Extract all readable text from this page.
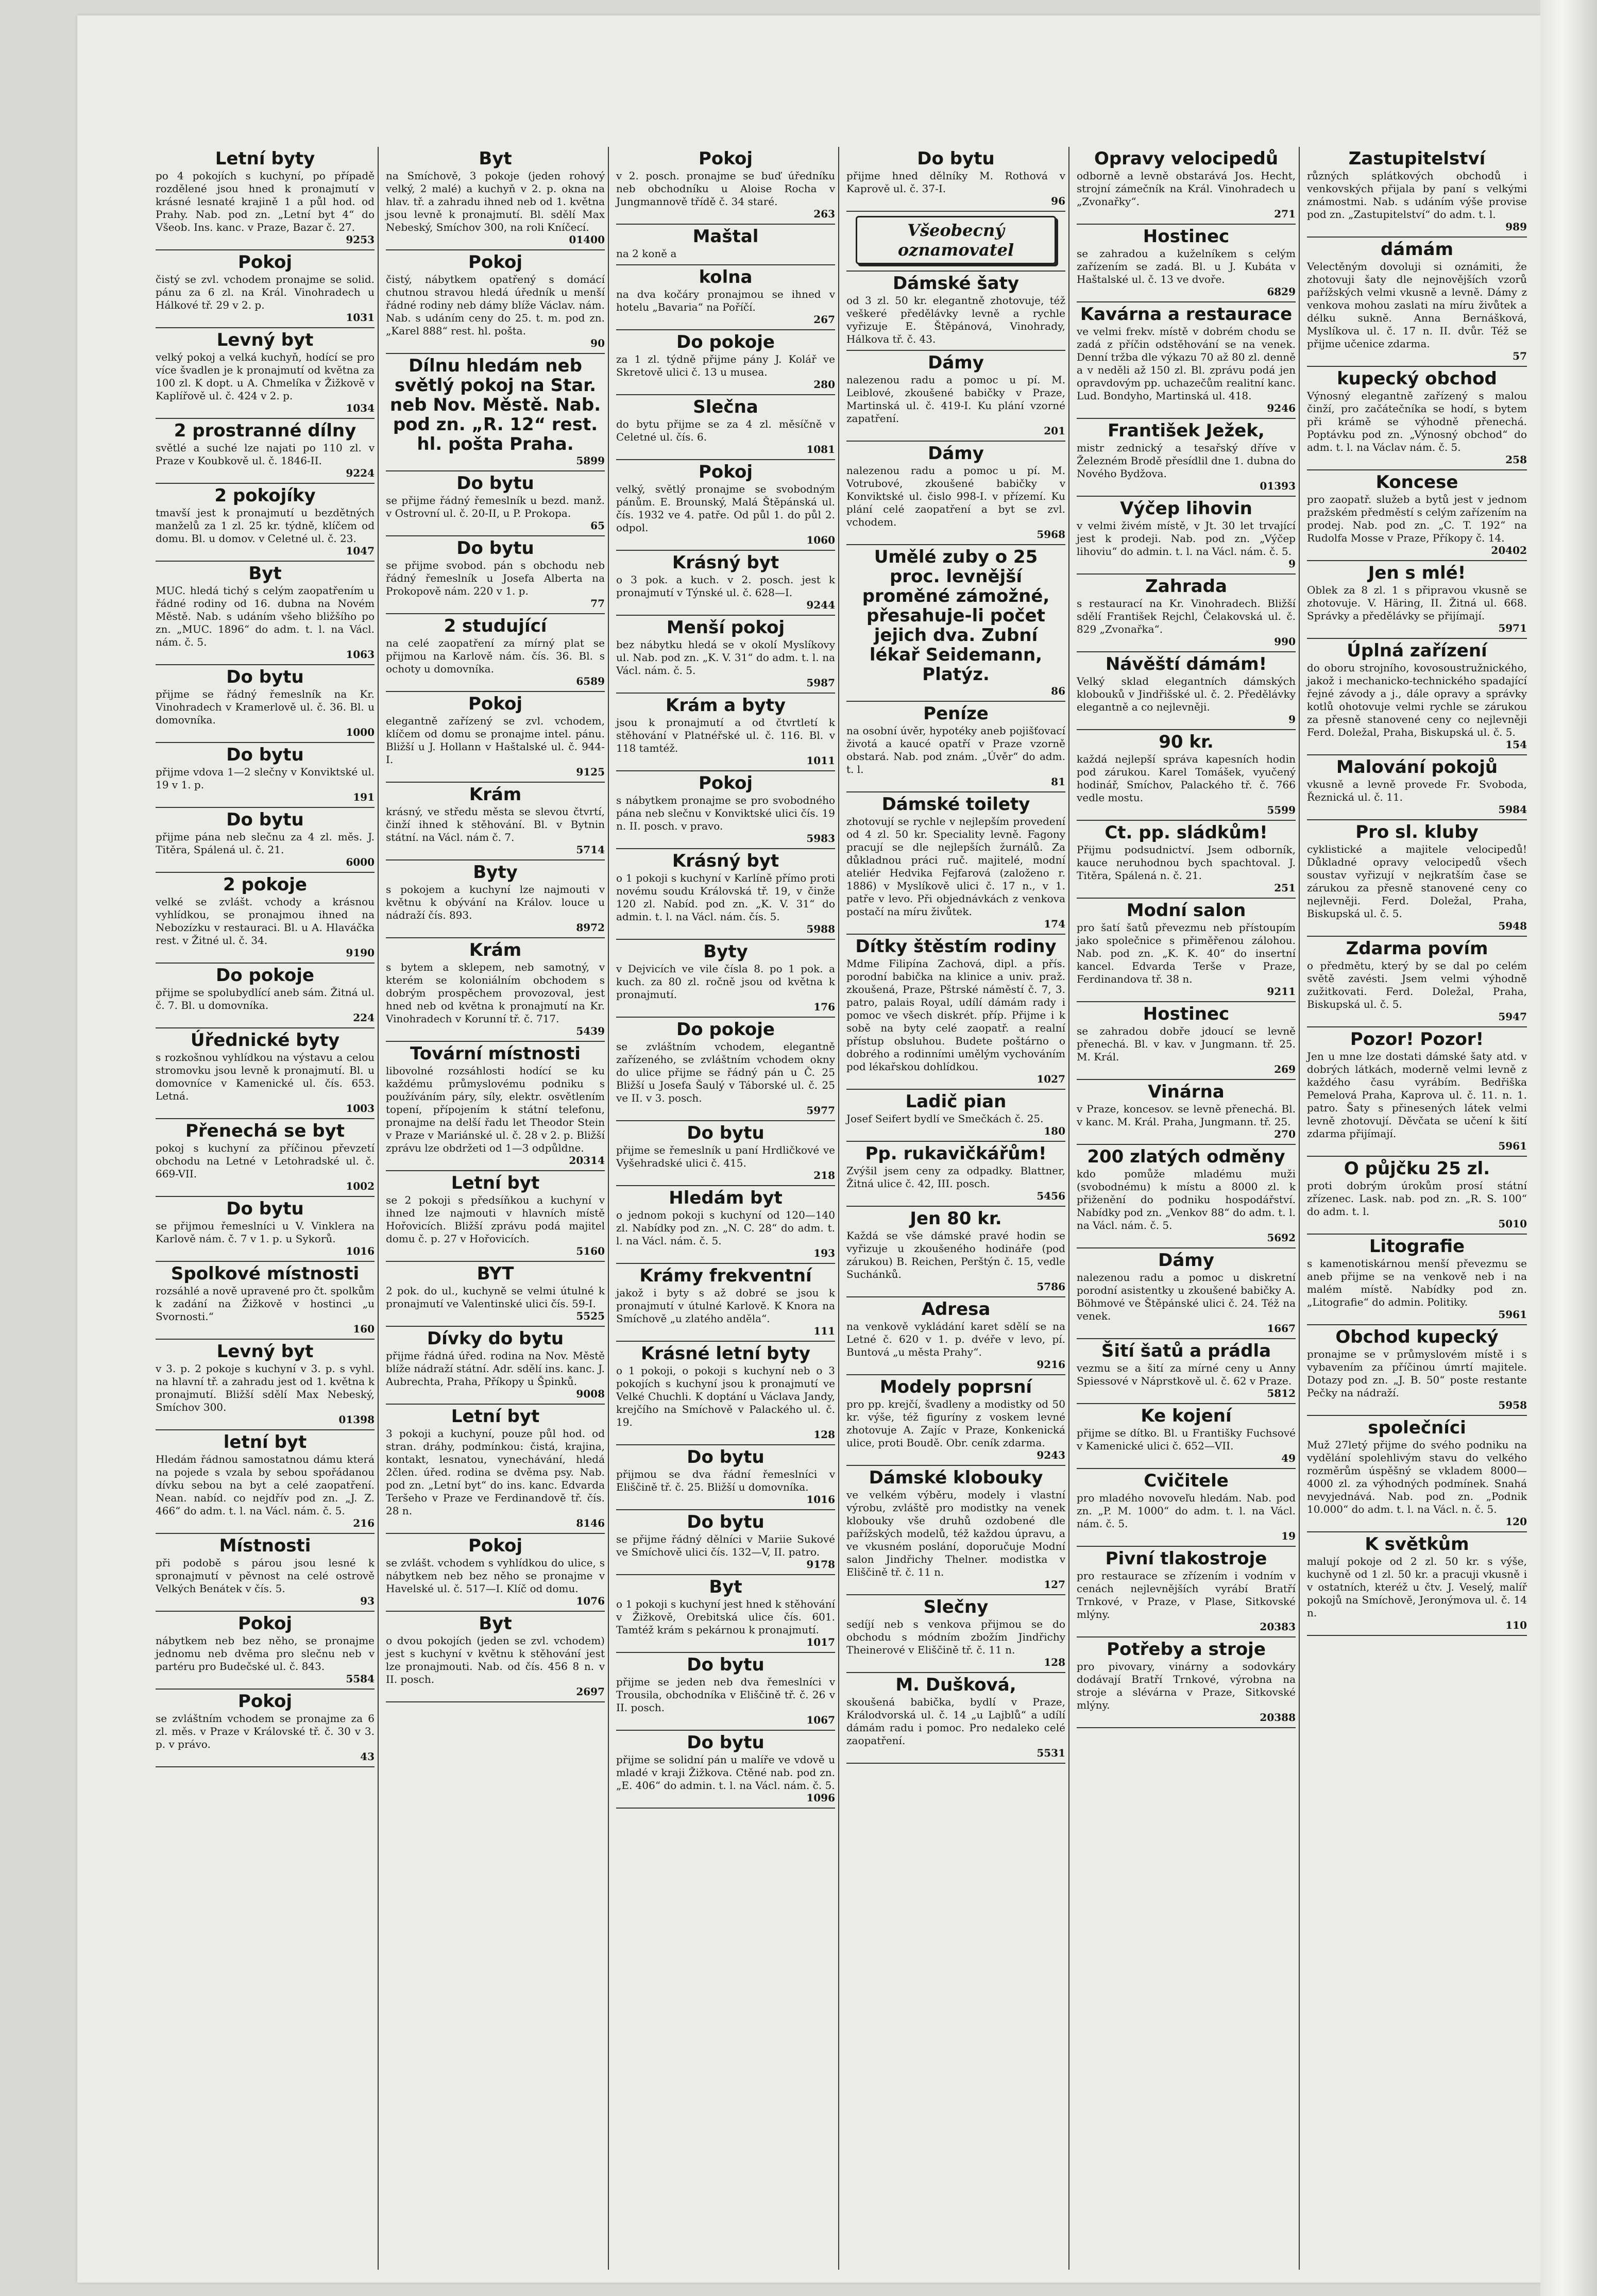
Letní byty

po 4 pokojích s kuchyní, po případě rozdělené jsou hned k pronajmutí v krásné lesnaté krajině 1 a půl hod. od Prahy. Nab. pod zn. „Letní byt 4“ do Všeob. Ins. kanc. v Praze, Bazar č. 27.

9253
Pokoj

čistý se zvl. vchodem pronajme se solid. pánu za 6 zl. na Král. Vinohradech u Hálkové tř. 29 v 2. p.

1031
Levný byt

velký pokoj a velká kuchyň, hodící se pro více švadlen je k pronajmutí od května za 100 zl. K dopt. u A. Chmelíka v Žižkově v Kaplířově ul. č. 424 v 2. p.

1034
2 prostranné dílny

světlé a suché lze najati po 110 zl. v Praze v Koubkově ul. č. 1846-II.

9224
2 pokojíky

tmavší jest k pronajmutí u bezdětných manželů za 1 zl. 25 kr. týdně, klíčem od domu. Bl. u domov. v Celetné ul. č. 23.

1047
Byt

MUC. hledá tichý s celým zaopatřením u řádné rodiny od 16. dubna na Novém Městě. Nab. s udáním všeho bližšího po zn. „MUC. 1896“ do adm. t. l. na Václ. nám. č. 5.

1063
Do bytu

přijme se řádný řemeslník na Kr. Vinohradech v Kramerlově ul. č. 36. Bl. u domovníka.

1000
Do bytu

přijme vdova 1—2 slečny v Konviktské ul. 19 v 1. p.

191
Do bytu

přijme pána neb slečnu za 4 zl. měs. J. Titěra, Spálená ul. č. 21.

6000
2 pokoje

velké se zvlášt. vchody a krásnou vyhlídkou, se pronajmou ihned na Nebozízku v restauraci. Bl. u A. Hlaváčka rest. v Žitné ul. č. 34.

9190
Do pokoje

přijme se spolubydlící aneb sám. Žitná ul. č. 7. Bl. u domovníka.

224
Úřednické byty

s rozkošnou vyhlídkou na výstavu a celou stromovku jsou levně k pronajmutí. Bl. u domovníce v Kamenické ul. čís. 653. Letná.

1003
Přenechá se byt

pokoj s kuchyní za příčinou převzetí obchodu na Letné v Letohradské ul. č. 669-VII.

1002
Do bytu

se přijmou řemeslníci u V. Vinklera na Karlově nám. č. 7 v 1. p. u Sykorů.

1016
Spolkové místnosti

rozsáhlé a nově upravené pro čt. spolkům k zadání na Žižkově v hostinci „u Svornosti.“

160
Levný byt

v 3. p. 2 pokoje s kuchyní v 3. p. s vyhl. na hlavní tř. a zahradu jest od 1. května k pronajmutí. Bližší sdělí Max Nebeský, Smíchov 300.

01398
letní byt

Hledám řádnou samostatnou dámu která na pojede s vzala by sebou spořádanou dívku sebou na byt a celé zaopatření. Nean. nabíd. co nejdřív pod zn. „J. Z. 466“ do adm. t. l. na Václ. nám. č. 5.

216
Místnosti

při podobě s párou jsou lesné k spronajmutí v pěvnost na celé ostrově Velkých Benátek v čís. 5.

93
Pokoj

nábytkem neb bez něho, se pronajme jednomu neb dvěma pro slečnu neb v partéru pro Budečské ul. č. 843.

5584
Pokoj

se zvláštním vchodem se pronajme za 6 zl. měs. v Praze v Královské tř. č. 30 v 3. p. v právo.

43
Byt

na Smíchově, 3 pokoje (jeden rohový velký, 2 malé) a kuchyň v 2. p. okna na hlav. tř. a zahradu ihned neb od 1. května jsou levně k pronajmutí. Bl. sdělí Max Nebeský, Smíchov 300, na roli Kníčecí.

01400
Pokoj

čistý, nábytkem opatřený s domácí chutnou stravou hledá úředník u menší řádné rodiny neb dámy blíže Václav. nám. Nab. s udáním ceny do 25. t. m. pod zn. „Karel 888“ rest. hl. pošta.

90
Dílnu hledám neb světlý pokoj na Star. neb Nov. Městě. Nab. pod zn. „R. 12“ rest. hl. pošta Praha.
5899
Do bytu

se přijme řádný řemeslník u bezd. manž. v Ostrovní ul. č. 20-II, u P. Prokopa.

65
Do bytu

se přijme svobod. pán s obchodu neb řádný řemeslník u Josefa Alberta na Prokopově nám. 220 v 1. p.

77
2 studující

na celé zaopatření za mírný plat se přijmou na Karlově nám. čís. 36. Bl. s ochoty u domovníka.

6589
Pokoj

elegantně zařízený se zvl. vchodem, klíčem od domu se pronajme intel. pánu. Bližší u J. Hollann v Haštalské ul. č. 944-I.

9125
Krám

krásný, ve středu města se slevou čtvrtí, činží ihned k stěhování. Bl. v Bytnin státní. na Václ. nám č. 7.

5714
Byty

s pokojem a kuchyní lze najmouti v květnu k obývání na Králov. louce u nádraží čís. 893.

8972
Krám

s bytem a sklepem, neb samotný, v kterém se koloniálním obchodem s dobrým prospěchem provozoval, jest hned neb od května k pronajmutí na Kr. Vinohradech v Korunní tř. č. 717.

5439
Tovární místnosti

libovolné rozsáhlosti hodící se ku každému průmyslovému podniku s používáním páry, síly, elektr. osvětlením topení, přípojením k státní telefonu, pronajme na delší řadu let Theodor Stein v Praze v Mariánské ul. č. 28 v 2. p. Bližší zprávu lze obdržeti od 1—3 odpůldne.

20314
Letní byt

se 2 pokoji s předsíňkou a kuchyní v ihned lze najmouti v hlavních místě Hořovicích. Bližší zprávu podá majitel domu č. p. 27 v Hořovicích.

5160
BYT

2 pok. do ul., kuchyně se velmi útulné k pronajmutí ve Valentinské ulici čís. 59-I.

5525
Dívky do bytu

přijme řádná úřed. rodina na Nov. Městě blíže nádraží státní. Adr. sdělí ins. kanc. J. Aubrechta, Praha, Příkopy u Špinků.

9008
Letní byt

3 pokoji a kuchyní, pouze půl hod. od stran. dráhy, podmínkou: čistá, krajina, kontakt, lesnatou, vynechávání, hledá 2člen. úřed. rodina se dvěma psy. Nab. pod zn. „Letní byt“ do ins. kanc. Edvarda Teršeho v Praze ve Ferdinandově tř. čís. 28 n.

8146
Pokoj

se zvlášt. vchodem s vyhlídkou do ulice, s nábytkem neb bez něho se pronajme v Havelské ul. č. 517—I. Klíč od domu.

1076
Byt

o dvou pokojích (jeden se zvl. vchodem) jest s kuchyní v květnu k stěhování jest lze pronajmouti. Nab. od čís. 456 8 n. v II. posch.

2697
Pokoj

v 2. posch. pronajme se buď úředníku neb obchodníku u Aloise Rocha v Jungmannově třídě č. 34 staré.

263
Maštal

na 2 koně a

kolna

na dva kočáry pronajmou se ihned v hotelu „Bavaria“ na Poříčí.

267
Do pokoje

za 1 zl. týdně přijme pány J. Kolář ve Skretově ulici č. 13 u musea.

280
Slečna

do bytu přijme se za 4 zl. měsíčně v Celetné ul. čís. 6.

1081
Pokoj

velký, světlý pronajme se svobodným pánům. E. Brounský, Malá Štěpánská ul. čís. 1932 ve 4. patře. Od půl 1. do půl 2. odpol.

1060
Krásný byt

o 3 pok. a kuch. v 2. posch. jest k pronajmutí v Týnské ul. č. 628—I.

9244
Menší pokoj

bez nábytku hledá se v okolí Myslíkovy ul. Nab. pod zn. „K. V. 31“ do adm. t. l. na Václ. nám. č. 5.

5987
Krám a byty

jsou k pronajmutí a od čtvrtletí k stěhování v Platnéřské ul. č. 116. Bl. v 118 tamtéž.

1011
Pokoj

s nábytkem pronajme se pro svobodného pána neb slečnu v Konviktské ulici čís. 19 n. II. posch. v pravo.

5983
Krásný byt

o 1 pokoji s kuchyní v Karlíně přímo proti novému soudu Královská tř. 19, v činže 120 zl. Nabíd. pod zn. „K. V. 31“ do admin. t. l. na Václ. nám. čís. 5.

5988
Byty

v Dejvicích ve vile čísla 8. po 1 pok. a kuch. za 80 zl. ročně jsou od května k pronajmutí.

176
Do pokoje

se zvláštním vchodem, elegantně zařízeného, se zvláštním vchodem okny do ulice přijme se řádný pán u Č. 25 Bližší u Josefa Šaulý v Táborské ul. č. 25 ve II. v 3. posch.

5977
Do bytu

přijme se řemeslník u paní Hrdličkové ve Vyšehradské ulici č. 415.

218
Hledám byt

o jednom pokoji s kuchyní od 120—140 zl. Nabídky pod zn. „N. C. 28“ do adm. t. l. na Václ. nám. č. 5.

193
Krámy frekventní

jakož i byty s až dobré se jsou k pronajmutí v útulné Karlově. K Knora na Smíchově „u zlatého anděla“.

111
Krásné letní byty

o 1 pokoji, o pokoji s kuchyní neb o 3 pokojích s kuchyní jsou k pronajmutí ve Velké Chuchli. K doptání u Václava Jandy, krejčího na Smíchově v Palackého ul. č. 19.

128
Do bytu

přijmou se dva řádní řemeslníci v Eliščině tř. č. 25. Bližší u domovníka.

1016
Do bytu

se přijme řádný dělníci v Mariie Sukové ve Smíchově ulici čís. 132—V, II. patro.

9178
Byt

o 1 pokoji s kuchyní jest hned k stěhování v Žižkově, Orebitská ulice čís. 601. Tamtéž krám s pekárnou k pronajmutí.

1017
Do bytu

přijme se jeden neb dva řemeslníci v Trousila, obchodníka v Eliščině tř. č. 26 v II. posch.

1067
Do bytu

přijme se solidní pán u malíře ve vdově u mladé v kraji Žižkova. Ctěné nab. pod zn. „E. 406“ do admin. t. l. na Václ. nám. č. 5.

1096
Do bytu

přijme hned dělníky M. Rothová v Kaprově ul. č. 37-I.

96
Všeobecný oznamovatel
Dámské šaty

od 3 zl. 50 kr. elegantně zhotovuje, též veškeré předělávky levně a rychle vyřizuje E. Štěpánová, Vinohrady, Hálkova tř. č. 43.

Dámy

nalezenou radu a pomoc u pí. M. Leiblové, zkoušené babičky v Praze, Martinská ul. č. 419-I. Ku plání vzorné zapatření.

201
Dámy

nalezenou radu a pomoc u pí. M. Votrubové, zkoušené babičky v Konviktské ul. čislo 998-I. v přízemí. Ku plání celé zaopatření a byt se zvl. vchodem.

5968
Umělé zuby o 25 proc. levnější proměné zámožné, přesahuje-li počet jejich dva. Zubní lékař Seidemann, Platýz.
86
Peníze

na osobní úvěr, hypotéky aneb pojišťovací životá a kaucé opatří v Praze vzorně obstará. Nab. pod znám. „Úvěr“ do adm. t. l.

81
Dámské toilety

zhotovují se rychle v nejlepším provedení od 4 zl. 50 kr. Speciality levně. Fagony pracují se dle nejlepších žurnálů. Za důkladnou práci ruč. majitelé, modní ateliér Hedvika Fejfarová (založeno r. 1886) v Myslíkově ulici č. 17 n., v 1. patře v levo. Při objednávkách z venkova postačí na míru živůtek.

174
Dítky štěstím rodiny

Mdme Filipína Zachová, dipl. a přís. porodní babička na klinice a univ. praž. zkoušená, Praze, Pštrské náměstí č. 7, 3. patro, palais Royal, udílí dámám rady i pomoc ve všech diskrét. příp. Přijme i k sobě na byty celé zaopatř. a realní přístup obsluhou. Budete poštárno o dobrého a rodinními umělým vychováním pod lékařskou dohlídkou.

1027
Ladič pian

Josef Seifert bydlí ve Smečkách č. 25.

180
Pp. rukavičkářům!

Zvýšil jsem ceny za odpadky. Blattner, Žitná ulice č. 42, III. posch.

5456
Jen 80 kr.

Každá se vše dámské pravé hodin se vyřizuje u zkoušeného hodináře (pod zárukou) B. Reichen, Perštýn č. 15, vedle Suchánků.

5786
Adresa

na venkově vykládání karet sdělí se na Letné č. 620 v 1. p. dvéře v levo, pí. Buntová „u města Prahy“.

9216
Modely poprsní

pro pp. krejčí, švadleny a modistky od 50 kr. výše, též figuríny z voskem levné zhotovuje A. Zajíc v Praze, Konkenická ulice, proti Boudě. Obr. ceník zdarma.

9243
Dámské klobouky

ve velkém výběru, modely i vlastní výrobu, zvláště pro modistky na venek klobouky vše druhů ozdobené dle pařížských modelů, též každou úpravu, a ve vkusném poslání, doporučuje Modní salon Jindřichy Thelner. modistka v Eliščině tř. č. 11 n.

127
Slečny

sedíjí neb s venkova přijmou se do obchodu s módním zbožím Jindřichy Theinerové v Eliščině tř. č. 11 n.

128
M. Dušková,

skoušená babička, bydlí v Praze, Králodvorská ul. č. 14 „u Lajblů“ a udílí dámám radu i pomoc. Pro nedaleko celé zaopatření.

5531
Opravy velocipedů

odborně a levně obstarává Jos. Hecht, strojní zámečník na Král. Vinohradech u „Zvonařky“.

271
Hostinec

se zahradou a kuželníkem s celým zařízením se zadá. Bl. u J. Kubáta v Haštalské ul. č. 13 ve dvoře.

6829
Kavárna a restaurace

ve velmi frekv. místě v dobrém chodu se zadá z příčin odstěhování se na venek. Denní tržba dle výkazu 70 až 80 zl. denně a v neděli až 150 zl. Bl. zprávu podá jen opravdovým pp. uchazečům realitní kanc. Lud. Bondyho, Martinská ul. 418.

9246
František Ježek,

mistr zednický a tesařský dříve v Železném Brodě přesídlil dne 1. dubna do Nového Bydžova.

01393
Výčep lihovin

v velmi živém místě, v Jt. 30 let trvající jest k prodeji. Nab. pod zn. „Výčep lihoviu“ do admin. t. l. na Václ. nám. č. 5.

9
Zahrada

s restaurací na Kr. Vinohradech. Bližší sdělí František Rejchl, Čelakovská ul. č. 829 „Zvonařka“.

990
Návěští dámám!

Velký sklad elegantních dámských klobouků v Jindřišské ul. č. 2. Předělávky elegantně a co nejlevněji.

9
90 kr.

každá nejlepší správa kapesních hodin pod zárukou. Karel Tomášek, vyučený hodinář, Smíchov, Palackého tř. č. 766 vedle mostu.

5599
Ct. pp. sládkům!

Přijmu podsudnictví. Jsem odborník, kauce neruhodnou bych spachtoval. J. Titěra, Spálená n. č. 21.

251
Modní salon

pro šatí šatů převezmu neb přístoupím jako společnice s přiměřenou zálohou. Nab. pod zn. „K. K. 40“ do insertní kancel. Edvarda Terše v Praze, Ferdinandova tř. 38 n.

9211
Hostinec

se zahradou dobře jdoucí se levně přenechá. Bl. v kav. v Jungmann. tř. 25. M. Král.

269
Vinárna

v Praze, koncesov. se levně přenechá. Bl. v kanc. M. Král. Praha, Jungmann. tř. 25.

270
200 zlatých odměny

kdo pomůže mladému muži (svobodnému) k místu a 8000 zl. k přiženění do podniku hospodářství. Nabídky pod zn. „Venkov 88“ do adm. t. l. na Václ. nám. č. 5.

5692
Dámy

nalezenou radu a pomoc u diskretní porodní asistentky u zkoušené babičky A. Böhmové ve Štěpánské ulici č. 24. Též na venek.

1667
Šití šatů a prádla

vezmu se a šití za mírné ceny u Anny Spiessové v Náprstkově ul. č. 62 v Praze.

5812
Ke kojení

přijme se dítko. Bl. u Františky Fuchsové v Kamenické ulici č. 652—VII.

49
Cvičitele

pro mladého novoveľu hledám. Nab. pod zn. „P. M. 1000“ do adm. t. l. na Václ. nám. č. 5.

19
Pivní tlakostroje

pro restaurace se zřízením i vodním v cenách nejlevnějších vyrábí Bratří Trnkové, v Praze, v Plase, Sitkovské mlýny.

20383
Potřeby a stroje

pro pivovary, vinárny a sodovkáry dodávají Bratří Trnkové, výrobna na stroje a slévárna v Praze, Sitkovské mlýny.

20388
Zastupitelství

různých splátkových obchodů i venkovských přijala by paní s velkými známostmi. Nab. s udáním výše provise pod zn. „Zastupitelství“ do adm. t. l.

989
dámám

Velectěným dovoluji si oznámiti, že zhotovuji šaty dle nejnovějších vzorů pařížských velmi vkusně a levně. Dámy z venkova mohou zaslati na míru živůtek a délku sukně. Anna Bernášková, Myslíkova ul. č. 17 n. II. dvůr. Též se přijme učenice zdarma.

57
kupecký obchod

Výnosný elegantně zařízený s malou činží, pro začátečníka se hodí, s bytem při krámě se výhodně přenechá. Poptávku pod zn. „Výnosný obchod“ do adm. t. l. na Václav nám. č. 5.

258
Koncese

pro zaopatř. služeb a bytů jest v jednom pražském předměstí s celým zařízením na prodej. Nab. pod zn. „C. T. 192“ na Rudolfa Mosse v Praze, Příkopy č. 14.

20402
Jen s mlé!

Oblek za 8 zl. 1 s připravou vkusně se zhotovuje. V. Häring, II. Žitná ul. 668. Správky a předělávky se přijímají.

5971
Úplná zařízení

do oboru strojního, kovosoustružnického, jakož i mechanicko-technického spadající řejné závody a j., dále opravy a správky kotlů ohotovuje velmi rychle se zárukou za přesně stanovené ceny co nejlevněji Ferd. Doležal, Praha, Biskupská ul. č. 5.

154
Malování pokojů

vkusně a levně provede Fr. Svoboda, Řeznická ul. č. 11.

5984
Pro sl. kluby

cyklistické a majitele velocipedů! Důkladné opravy velocipedů všech soustav vyřizují v nejkratším čase se zárukou za přesně stanovené ceny co nejlevněji. Ferd. Doležal, Praha, Biskupská ul. č. 5.

5948
Zdarma povím

o předmětu, který by se dal po celém světě zavésti. Jsem velmi výhodně zužitkovati. Ferd. Doležal, Praha, Biskupská ul. č. 5.

5947
Pozor! Pozor!

Jen u mne lze dostati dámské šaty atd. v dobrých látkách, moderně velmi levně z každého času vyrábím. Bedřiška Pemelová Praha, Kaprova ul. č. 11. n. 1. patro. Šaty s přinesených látek velmi levně zhotovují. Děvčata se učení k šití zdarma přijímají.

5961
O půjčku 25 zl.

proti dobrým úrokům prosí státní zřízenec. Lask. nab. pod zn. „R. S. 100“ do adm. t. l.

5010
Litografie

s kamenotiskárnou menší převezmu se aneb přijme se na venkově neb i na malém místě. Nabídky pod zn. „Litografie“ do admin. Politiky.

5961
Obchod kupecký

pronajme se v průmyslovém místě i s vybavením za příčinou úmrtí majitele. Dotazy pod zn. „J. B. 50“ poste restante Pečky na nádraží.

5958
společníci

Muž 27letý přijme do svého podniku na vydělání spolehlivým stavu do velkého rozměrům úspěšný se vkladem 8000—4000 zl. za výhodných podmínek. Snahá nevyjednává. Nab. pod zn. „Podnik 10.000“ do adm. t. l. na Václ. n. č. 5.

120
K světkům

malují pokoje od 2 zl. 50 kr. s výše, kuchyně od 1 zl. 50 kr. a pracuji vkusně i v ostatních, kteréž u čtv. J. Veselý, malíř pokojů na Smíchově, Jeronýmova ul. č. 14 n.

110
